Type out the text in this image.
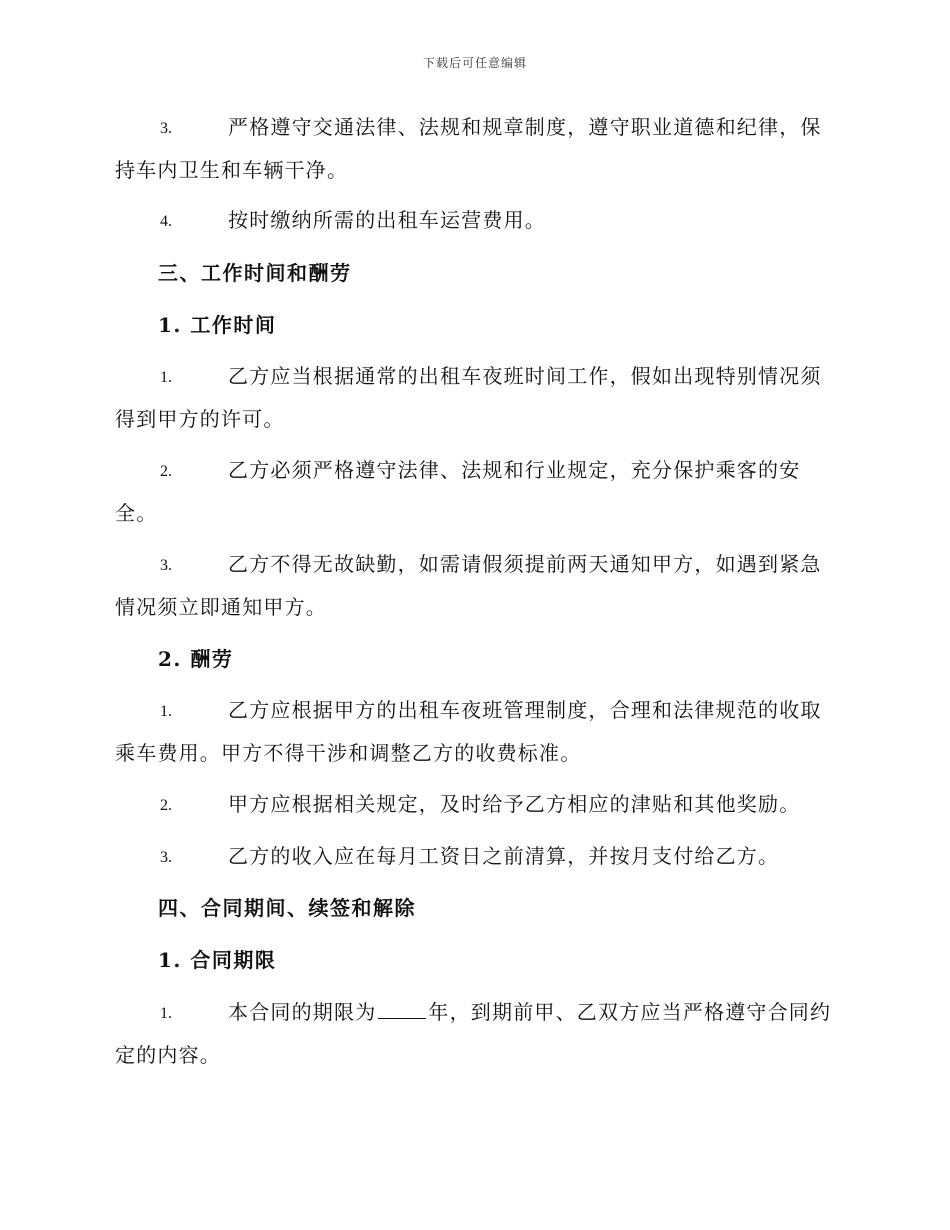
下载后可任意编辑
3.	严格遵守交通法律、法规和规章制度，遵守职业道德和纪律，保
持车内卫生和车辆干净。
4.	按时缴纳所需的出租车运营费用。
三、工作时间和酬劳
1. 工作时间
1.	乙方应当根据通常的出租车夜班时间工作，假如出现特别情况须
得到甲方的许可。
2.	乙方必须严格遵守法律、法规和行业规定，充分保护乘客的安
全。
3.	乙方不得无故缺勤，如需请假须提前两天通知甲方，如遇到紧急
情况须立即通知甲方。
2. 酬劳
1.	乙方应根据甲方的出租车夜班管理制度，合理和法律规范的收取
乘车费用。甲方不得干涉和调整乙方的收费标准。
2.	甲方应根据相关规定，及时给予乙方相应的津贴和其他奖励。
3.	乙方的收入应在每月工资日之前清算，并按月支付给乙方。
四、合同期间、续签和解除
1. 合同期限
1.	本合同的期限为	年，到期前甲、乙双方应当严格遵守合同约
定的内容。
